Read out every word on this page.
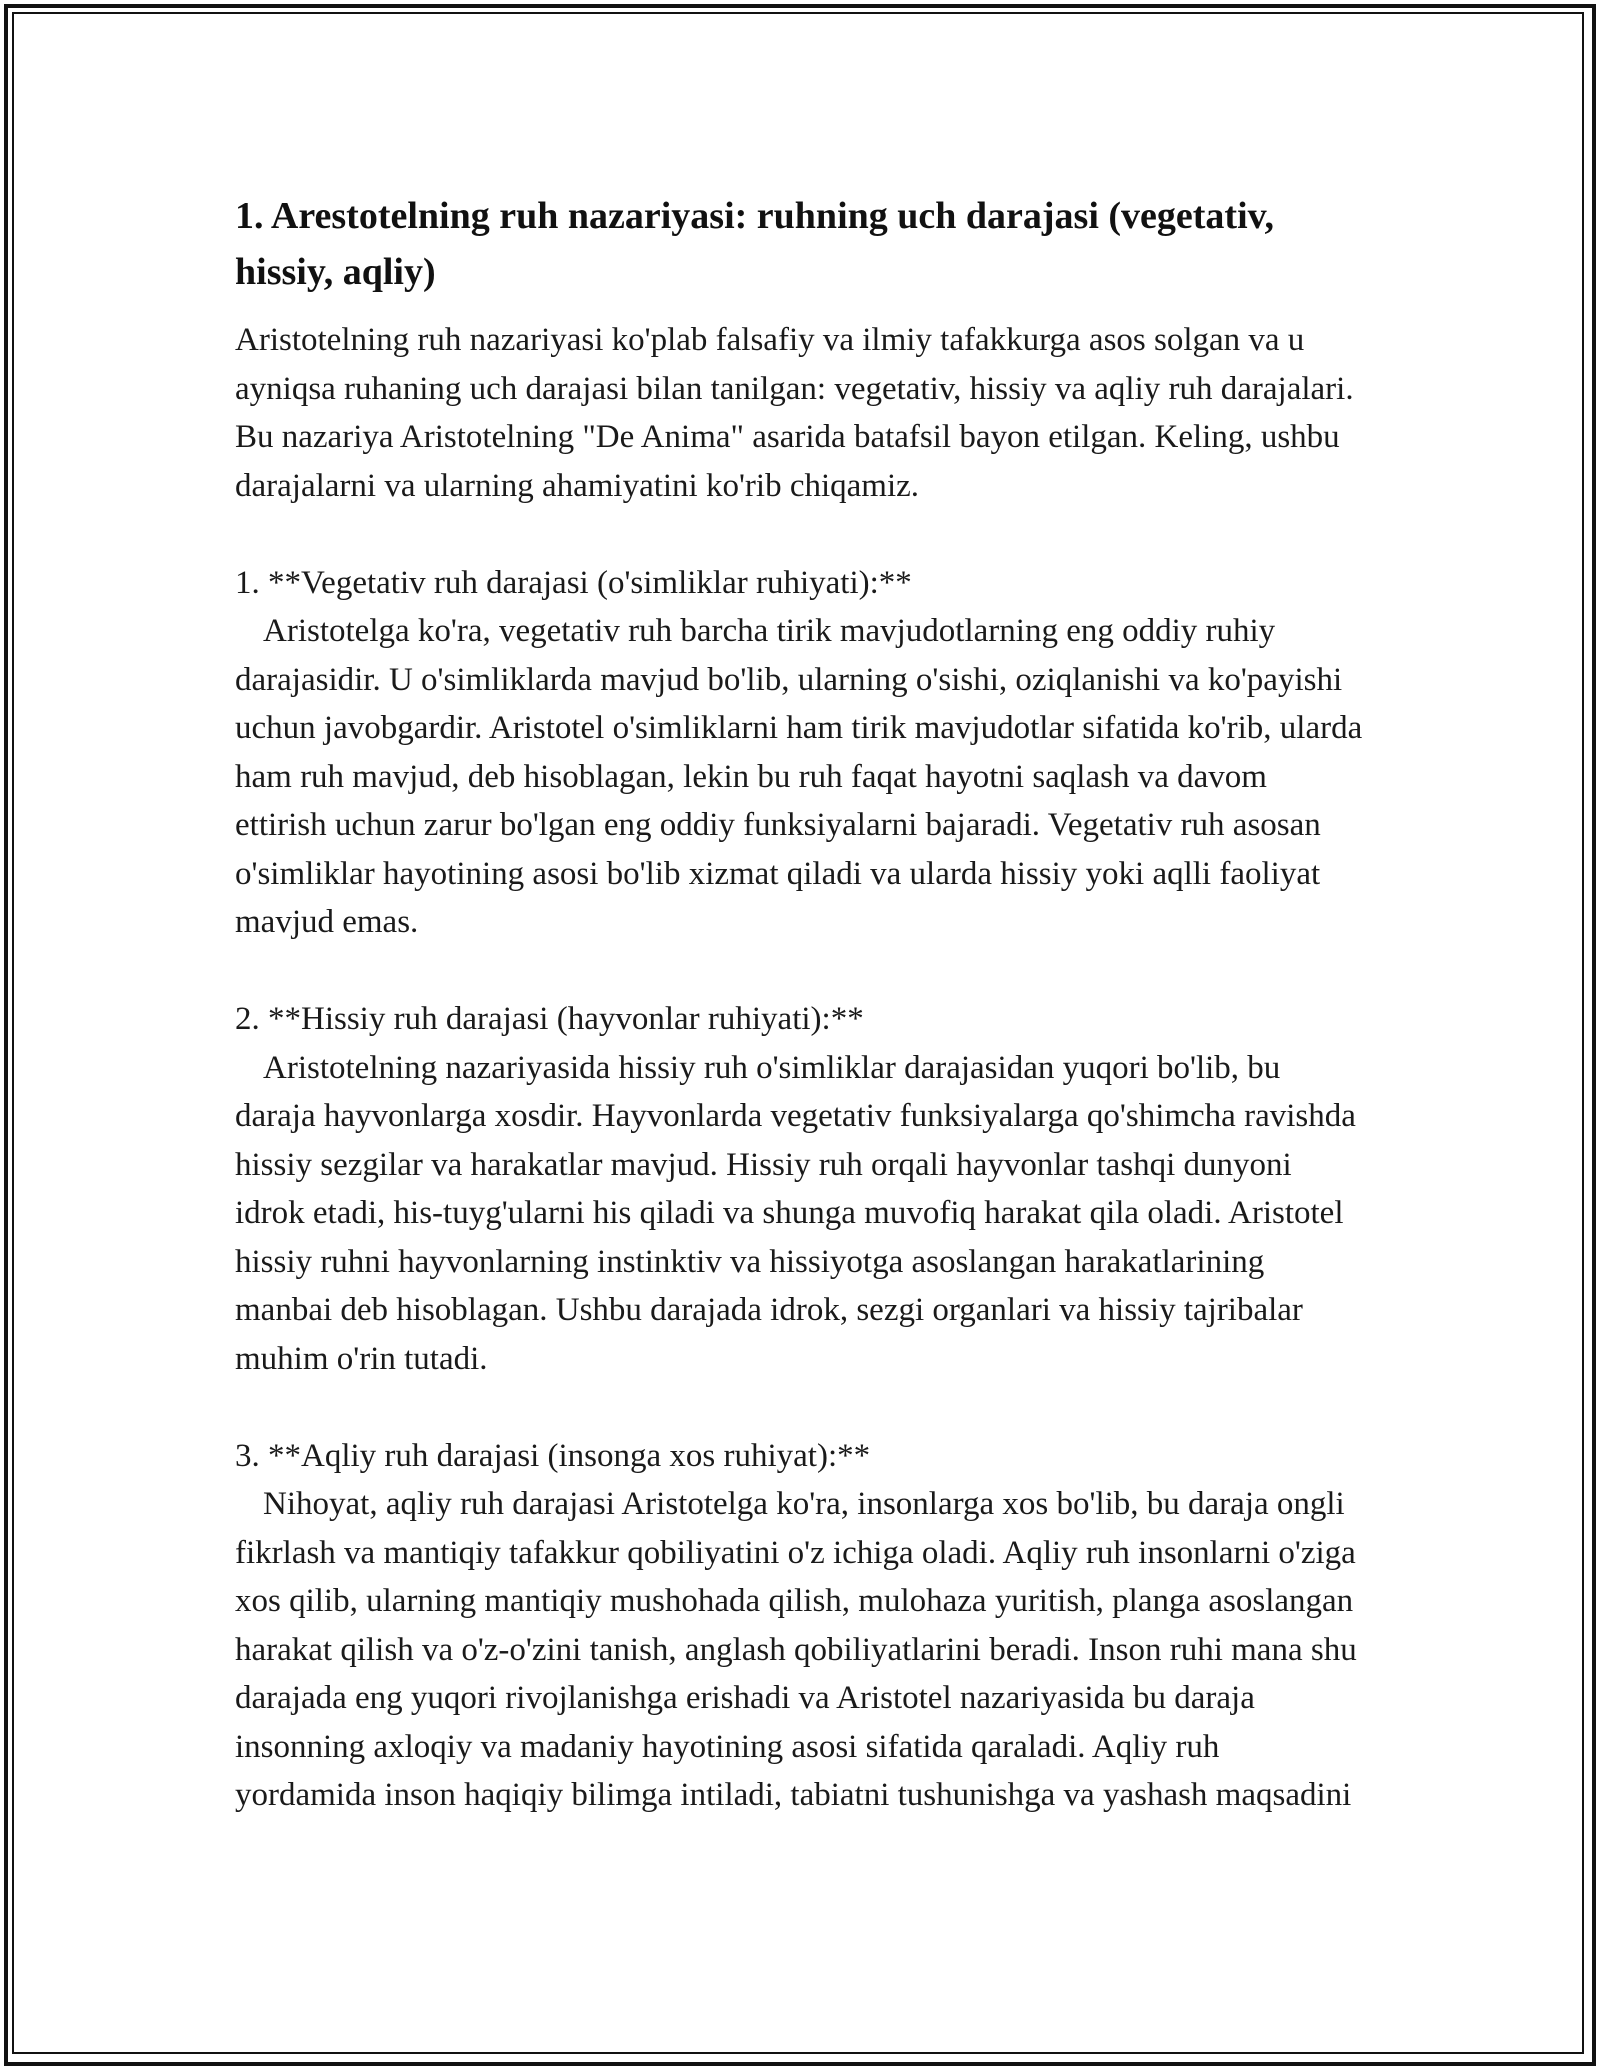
1. Arestotelning ruh nazariyasi: ruhning uch darajasi (vegetativ, hissiy, aqliy)

Aristotelning ruh nazariyasi ko'plab falsafiy va ilmiy tafakkurga asos solgan va u ayniqsa ruhaning uch darajasi bilan tanilgan: vegetativ, hissiy va aqliy ruh darajalari. Bu nazariya Aristotelning "De Anima" asarida batafsil bayon etilgan. Keling, ushbu darajalarni va ularning ahamiyatini ko'rib chiqamiz.

1. **Vegetativ ruh darajasi (o'simliklar ruhiyati):**
Aristotelga ko'ra, vegetativ ruh barcha tirik mavjudotlarning eng oddiy ruhiy darajasidir. U o'simliklarda mavjud bo'lib, ularning o'sishi, oziqlanishi va ko'payishi uchun javobgardir. Aristotel o'simliklarni ham tirik mavjudotlar sifatida ko'rib, ularda ham ruh mavjud, deb hisoblagan, lekin bu ruh faqat hayotni saqlash va davom ettirish uchun zarur bo'lgan eng oddiy funksiyalarni bajaradi. Vegetativ ruh asosan o'simliklar hayotining asosi bo'lib xizmat qiladi va ularda hissiy yoki aqlli faoliyat mavjud emas.
2. **Hissiy ruh darajasi (hayvonlar ruhiyati):**
Aristotelning nazariyasida hissiy ruh o'simliklar darajasidan yuqori bo'lib, bu daraja hayvonlarga xosdir. Hayvonlarda vegetativ funksiyalarga qo'shimcha ravishda hissiy sezgilar va harakatlar mavjud. Hissiy ruh orqali hayvonlar tashqi dunyoni idrok etadi, his-tuyg'ularni his qiladi va shunga muvofiq harakat qila oladi. Aristotel hissiy ruhni hayvonlarning instinktiv va hissiyotga asoslangan harakatlarining manbai deb hisoblagan. Ushbu darajada idrok, sezgi organlari va hissiy tajribalar muhim o'rin tutadi.
3. **Aqliy ruh darajasi (insonga xos ruhiyat):**
Nihoyat, aqliy ruh darajasi Aristotelga ko'ra, insonlarga xos bo'lib, bu daraja ongli fikrlash va mantiqiy tafakkur qobiliyatini o'z ichiga oladi. Aqliy ruh insonlarni o'ziga xos qilib, ularning mantiqiy mushohada qilish, mulohaza yuritish, planga asoslangan harakat qilish va o'z-o'zini tanish, anglash qobiliyatlarini beradi. Inson ruhi mana shu darajada eng yuqori rivojlanishga erishadi va Aristotel nazariyasida bu daraja insonning axloqiy va madaniy hayotining asosi sifatida qaraladi. Aqliy ruh yordamida inson haqiqiy bilimga intiladi, tabiatni tushunishga va yashash maqsadini
